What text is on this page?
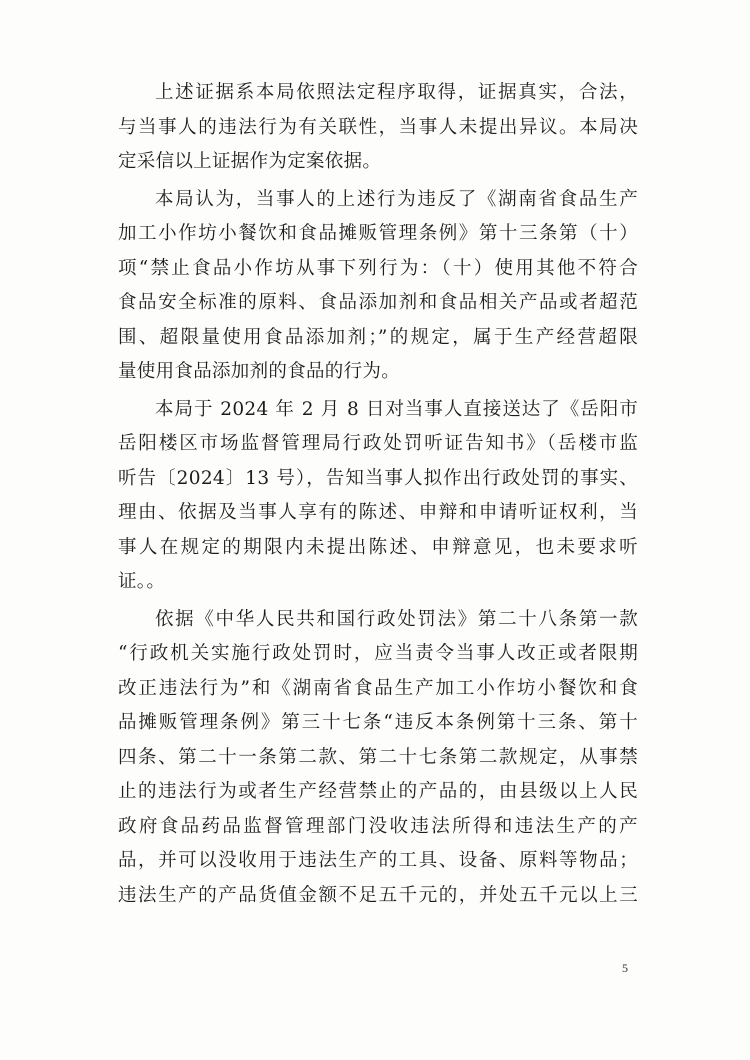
上述证据系本局依照法定程序取得，证据真实，合法，
与当事人的违法行为有关联性，当事人未提出异议。本局决
定采信以上证据作为定案依据。
本局认为，当事人的上述行为违反了《湖南省食品生产
加工小作坊小餐饮和食品摊贩管理条例》第十三条第（十）
项“禁止食品小作坊从事下列行为：（十）使用其他不符合
食品安全标准的原料、食品添加剂和食品相关产品或者超范
围、超限量使用食品添加剂；”的规定，属于生产经营超限
量使用食品添加剂的食品的行为。
本局于 2024 年 2 月 8 日对当事人直接送达了《岳阳市
岳阳楼区市场监督管理局行政处罚听证告知书》（岳楼市监
听告〔2024〕13 号），告知当事人拟作出行政处罚的事实、
理由、依据及当事人享有的陈述、申辩和申请听证权利，当
事人在规定的期限内未提出陈述、申辩意见，也未要求听
证。。
依据《中华人民共和国行政处罚法》第二十八条第一款
“行政机关实施行政处罚时，应当责令当事人改正或者限期
改正违法行为”和《湖南省食品生产加工小作坊小餐饮和食
品摊贩管理条例》第三十七条“违反本条例第十三条、第十
四条、第二十一条第二款、第二十七条第二款规定，从事禁
止的违法行为或者生产经营禁止的产品的，由县级以上人民
政府食品药品监督管理部门没收违法所得和违法生产的产
品，并可以没收用于违法生产的工具、设备、原料等物品；
违法生产的产品货值金额不足五千元的，并处五千元以上三
5
